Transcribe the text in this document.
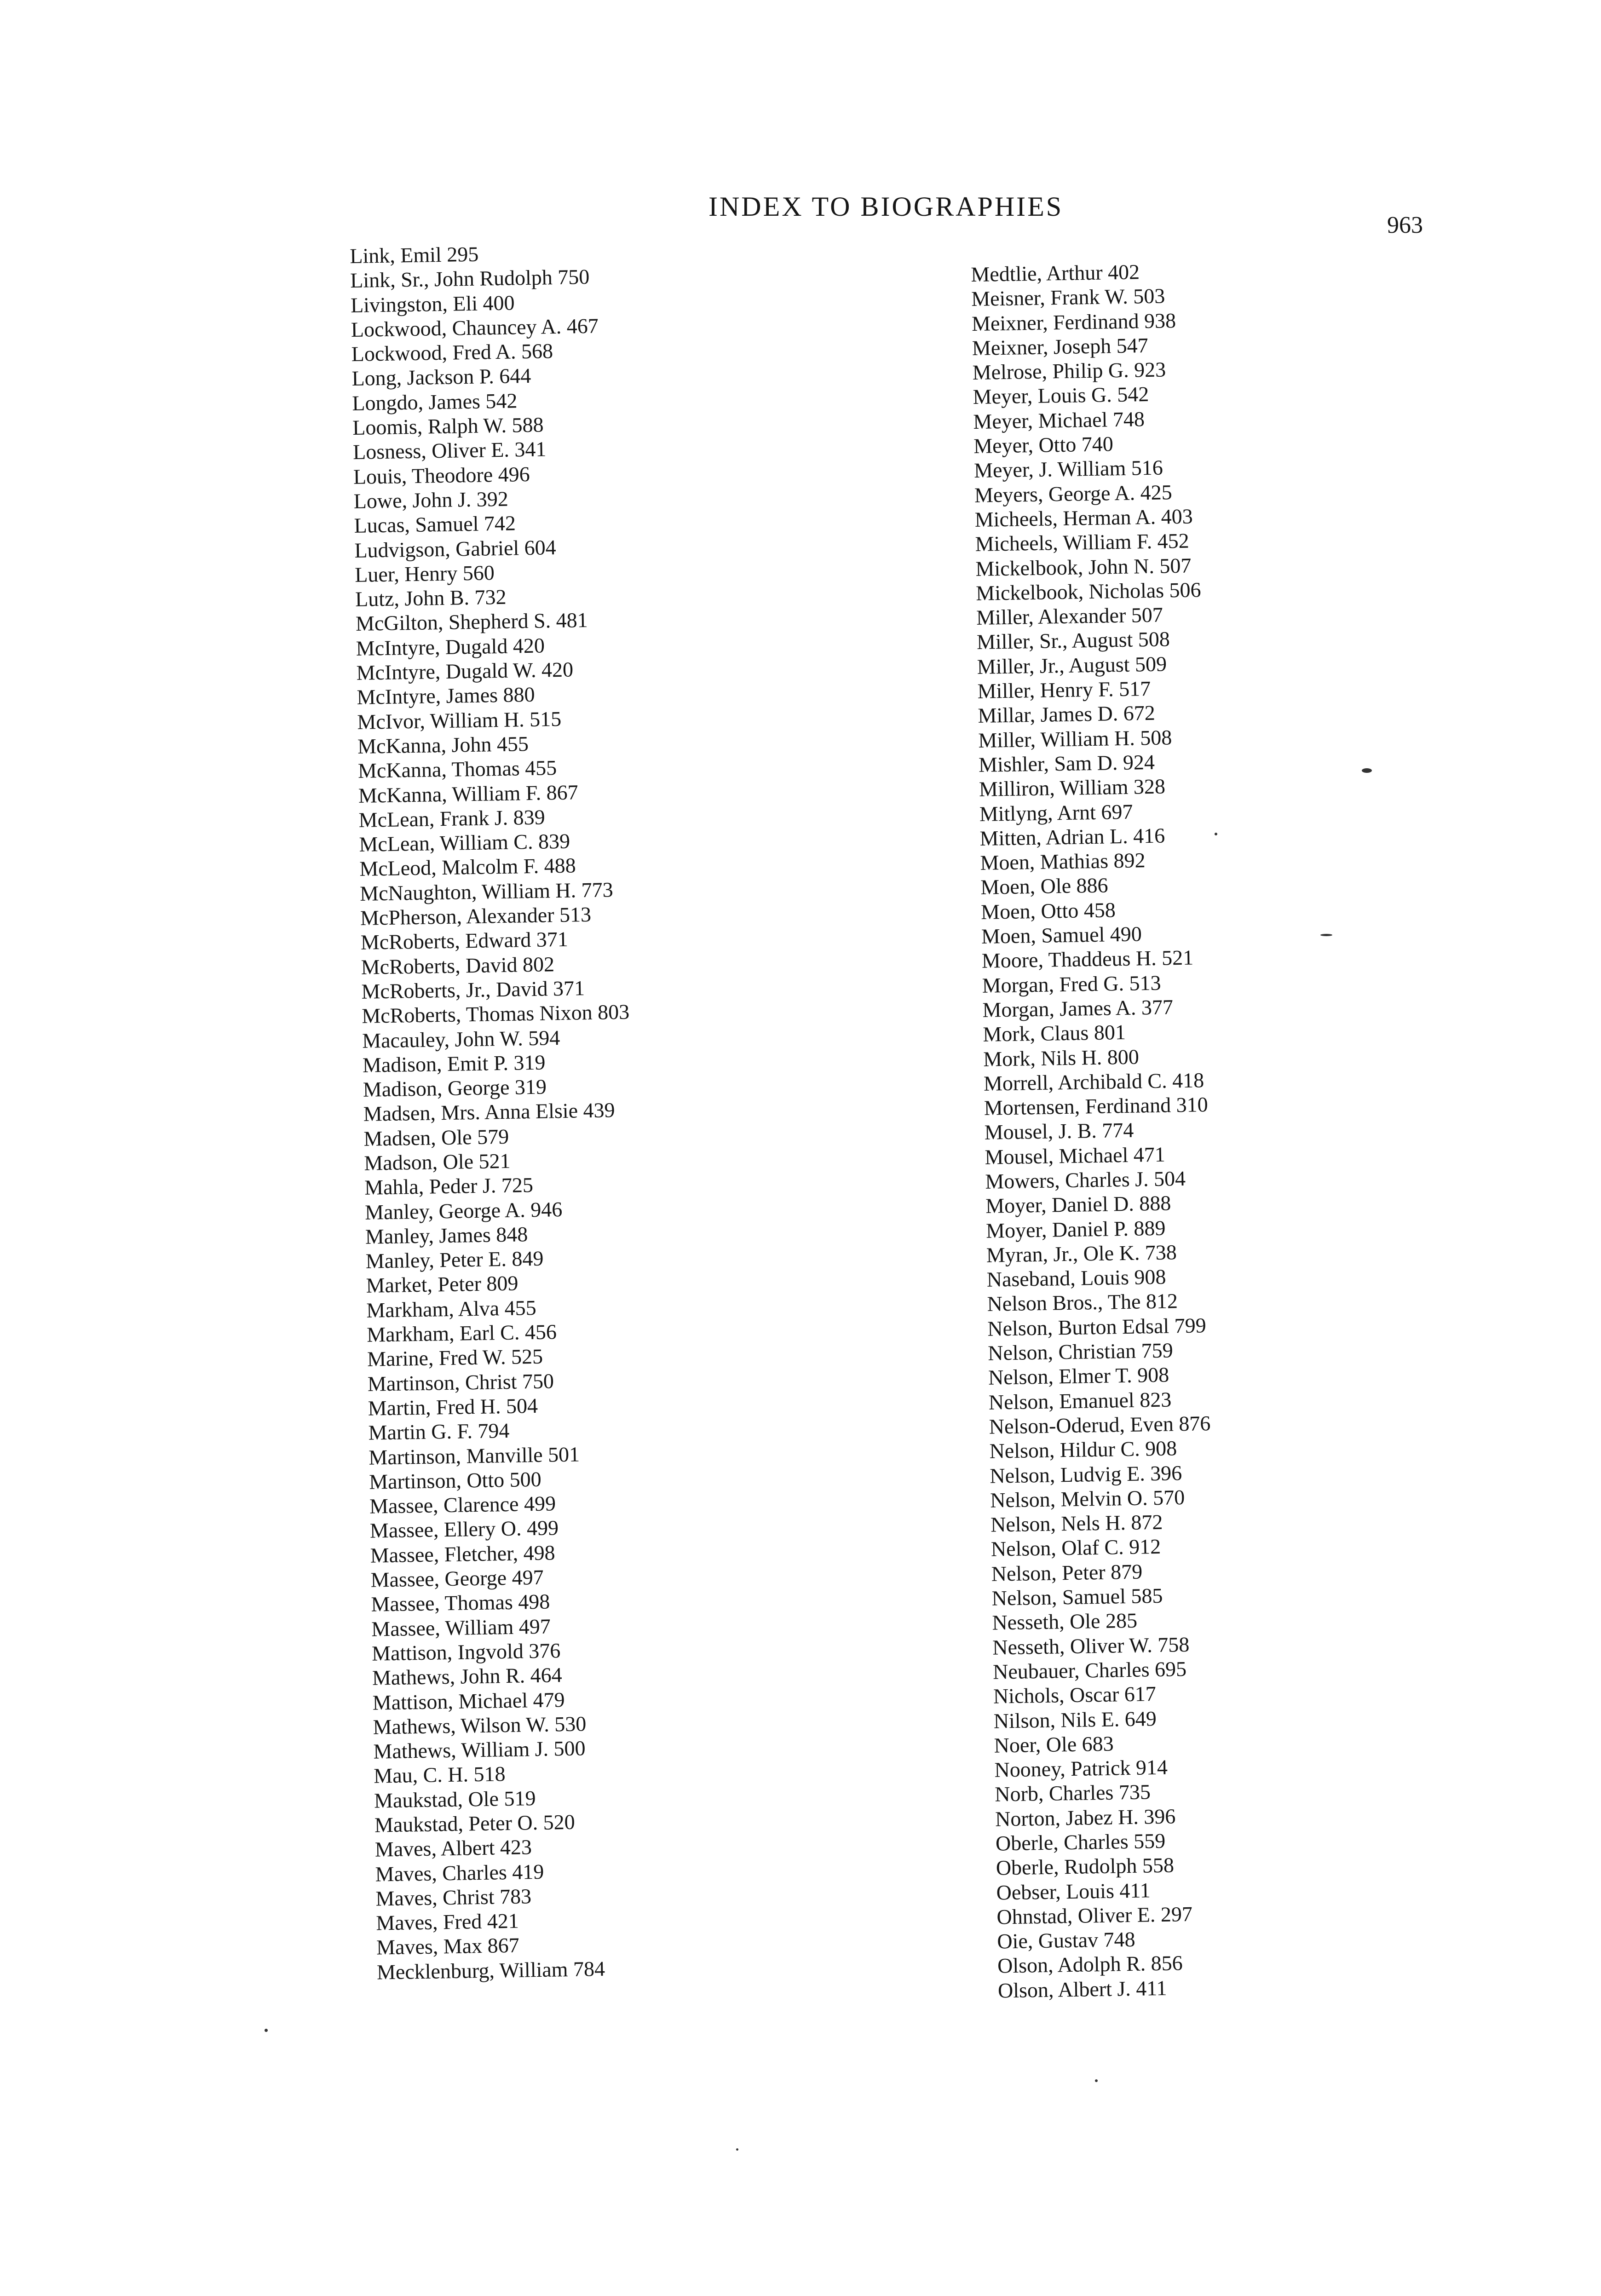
INDEX TO BIOGRAPHIES
963
Link, Emil 295
Link, Sr., John Rudolph 750
Livingston, Eli 400
Lockwood, Chauncey A. 467
Lockwood, Fred A. 568
Long, Jackson P. 644
Longdo, James 542
Loomis, Ralph W. 588
Losness, Oliver E. 341
Louis, Theodore 496
Lowe, John J. 392
Lucas, Samuel 742
Ludvigson, Gabriel 604
Luer, Henry 560
Lutz, John B. 732
McGilton, Shepherd S. 481
McIntyre, Dugald 420
McIntyre, Dugald W. 420
McIntyre, James 880
McIvor, William H. 515
McKanna, John 455
McKanna, Thomas 455
McKanna, William F. 867
McLean, Frank J. 839
McLean, William C. 839
McLeod, Malcolm F. 488
McNaughton, William H. 773
McPherson, Alexander 513
McRoberts, Edward 371
McRoberts, David 802
McRoberts, Jr., David 371
McRoberts, Thomas Nixon 803
Macauley, John W. 594
Madison, Emit P. 319
Madison, George 319
Madsen, Mrs. Anna Elsie 439
Madsen, Ole 579
Madson, Ole 521
Mahla, Peder J. 725
Manley, George A. 946
Manley, James 848
Manley, Peter E. 849
Market, Peter 809
Markham, Alva 455
Markham, Earl C. 456
Marine, Fred W. 525
Martinson, Christ 750
Martin, Fred H. 504
Martin G. F. 794
Martinson, Manville 501
Martinson, Otto 500
Massee, Clarence 499
Massee, Ellery O. 499
Massee, Fletcher, 498
Massee, George 497
Massee, Thomas 498
Massee, William 497
Mattison, Ingvold 376
Mathews, John R. 464
Mattison, Michael 479
Mathews, Wilson W. 530
Mathews, William J. 500
Mau, C. H. 518
Maukstad, Ole 519
Maukstad, Peter O. 520
Maves, Albert 423
Maves, Charles 419
Maves, Christ 783
Maves, Fred 421
Maves, Max 867
Mecklenburg, William 784
Medtlie, Arthur 402
Meisner, Frank W. 503
Meixner, Ferdinand 938
Meixner, Joseph 547
Melrose, Philip G. 923
Meyer, Louis G. 542
Meyer, Michael 748
Meyer, Otto 740
Meyer, J. William 516
Meyers, George A. 425
Micheels, Herman A. 403
Micheels, William F. 452
Mickelbook, John N. 507
Mickelbook, Nicholas 506
Miller, Alexander 507
Miller, Sr., August 508
Miller, Jr., August 509
Miller, Henry F. 517
Millar, James D. 672
Miller, William H. 508
Mishler, Sam D. 924
Milliron, William 328
Mitlyng, Arnt 697
Mitten, Adrian L. 416
Moen, Mathias 892
Moen, Ole 886
Moen, Otto 458
Moen, Samuel 490
Moore, Thaddeus H. 521
Morgan, Fred G. 513
Morgan, James A. 377
Mork, Claus 801
Mork, Nils H. 800
Morrell, Archibald C. 418
Mortensen, Ferdinand 310
Mousel, J. B. 774
Mousel, Michael 471
Mowers, Charles J. 504
Moyer, Daniel D. 888
Moyer, Daniel P. 889
Myran, Jr., Ole K. 738
Naseband, Louis 908
Nelson Bros., The 812
Nelson, Burton Edsal 799
Nelson, Christian 759
Nelson, Elmer T. 908
Nelson, Emanuel 823
Nelson-Oderud, Even 876
Nelson, Hildur C. 908
Nelson, Ludvig E. 396
Nelson, Melvin O. 570
Nelson, Nels H. 872
Nelson, Olaf C. 912
Nelson, Peter 879
Nelson, Samuel 585
Nesseth, Ole 285
Nesseth, Oliver W. 758
Neubauer, Charles 695
Nichols, Oscar 617
Nilson, Nils E. 649
Noer, Ole 683
Nooney, Patrick 914
Norb, Charles 735
Norton, Jabez H. 396
Oberle, Charles 559
Oberle, Rudolph 558
Oebser, Louis 411
Ohnstad, Oliver E. 297
Oie, Gustav 748
Olson, Adolph R. 856
Olson, Albert J. 411
